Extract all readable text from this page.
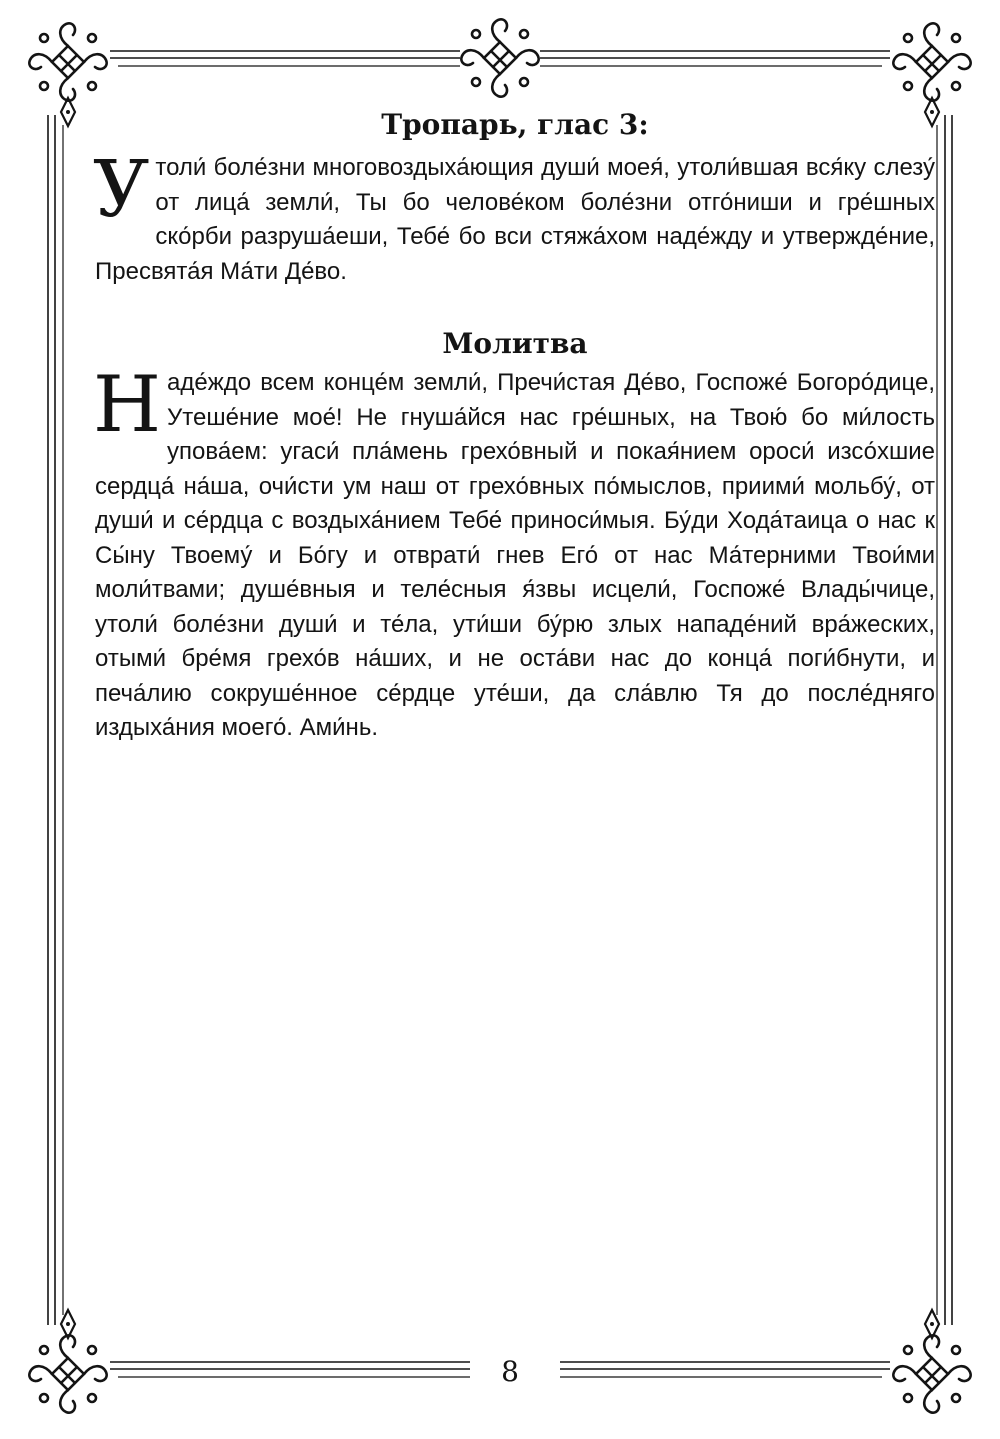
Тропарь, глас 3:

Утоли́ боле́зни многовоздыха́ющия души́ моея́, утоли́вшая вся́ку слезу́ от лица́ земли́, Ты бо челове́ком боле́зни отго́ниши и гре́шных ско́рби разруша́еши, Тебе́ бо вси стяжа́хом наде́жду и утвержде́ние, Пресвята́я Ма́ти Де́во.

Молитва

Наде́ждо всем конце́м земли́, Пречи́стая Де́во, Госпоже́ Богоро́дице, Утеше́ние мое́! Не гнуша́йся нас гре́шных, на Твою́ бо ми́лость упова́ем: угаси́ пла́мень грехо́вный и покая́нием ороси́ изсо́хшие сердца́ на́ша, очи́сти ум наш от грехо́вных по́мыслов, приими́ мольбу́, от души́ и се́рдца с воздыха́нием Тебе́ приноси́мыя. Бу́ди Хода́таица о нас к Сы́ну Твоему́ и Бо́гу и отврати́ гнев Его́ от нас Ма́терними Твои́ми моли́твами; душе́вныя и теле́сныя я́звы исцели́, Госпоже́ Влады́чице, утоли́ боле́зни души́ и те́ла, ути́ши бу́рю злых нападе́ний вра́жеских, отыми́ бре́мя грехо́в на́ших, и не оста́ви нас до конца́ поги́бнути, и печа́лию сокруше́нное се́рдце уте́ши, да сла́влю Тя до после́дняго издыха́ния моего́. Ами́нь.

8
